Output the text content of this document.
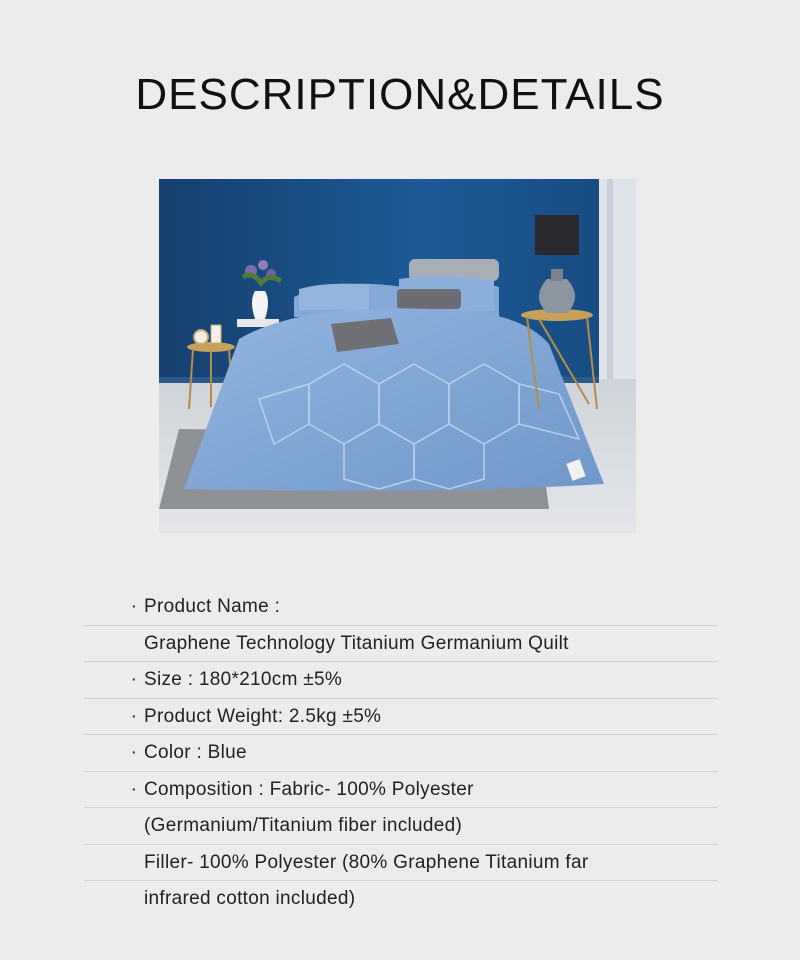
DESCRIPTION&DETAILS
· Product Name :
Graphene Technology Titanium Germanium Quilt
· Size : 180*210cm ±5%
· Product Weight: 2.5kg ±5%
· Color : Blue
· Composition : Fabric- 100% Polyester
(Germanium/Titanium fiber included)
Filler- 100% Polyester (80% Graphene Titanium far
infrared cotton included)
